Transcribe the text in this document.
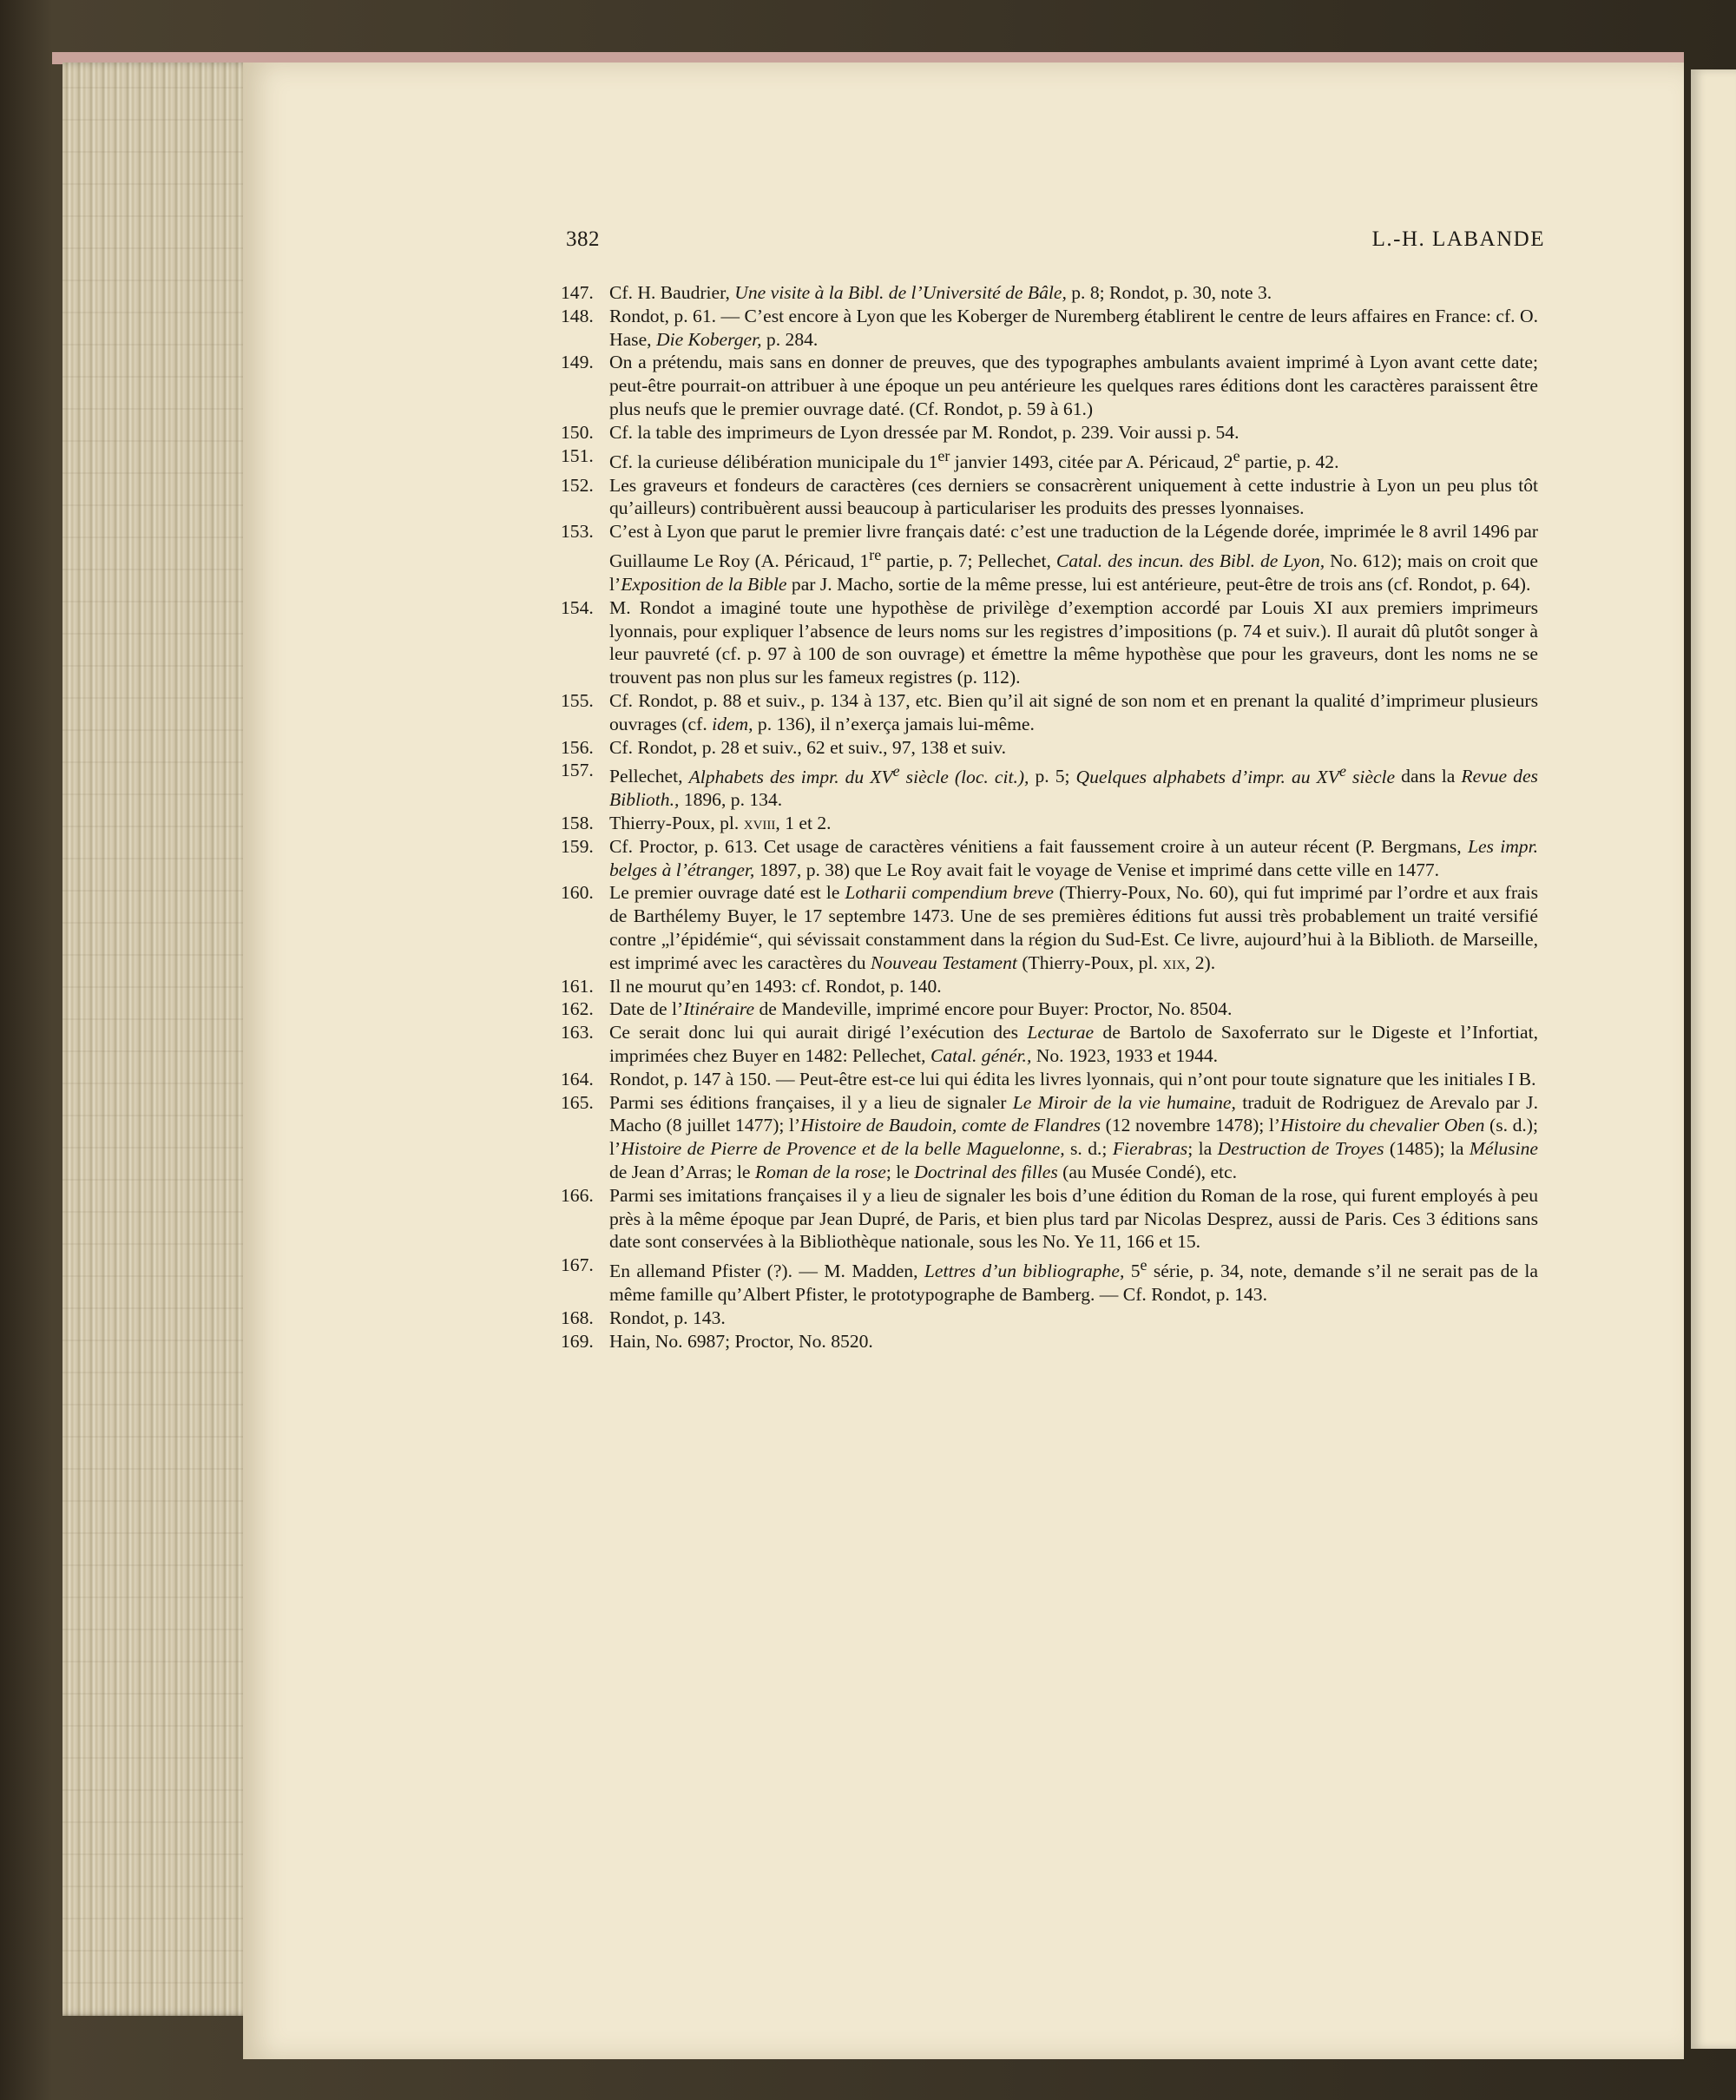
382	L.-H. LABANDE
147. Cf. H. Baudrier, Une visite à la Bibl. de l’Université de Bâle, p. 8; Rondot, p. 30, note 3.
148. Rondot, p. 61. — C’est encore à Lyon que les Koberger de Nuremberg établirent le centre de leurs affaires en France: cf. O. Hase, Die Koberger, p. 284.
149. On a prétendu, mais sans en donner de preuves, que des typographes ambulants avaient imprimé à Lyon avant cette date; peut-être pourrait-on attribuer à une époque un peu antérieure les quelques rares éditions dont les caractères paraissent être plus neufs que le premier ouvrage daté. (Cf. Rondot, p. 59 à 61.)
150. Cf. la table des imprimeurs de Lyon dressée par M. Rondot, p. 239. Voir aussi p. 54.
151. Cf. la curieuse délibération municipale du 1er janvier 1493, citée par A. Péricaud, 2e partie, p. 42.
152. Les graveurs et fondeurs de caractères (ces derniers se consacrèrent uniquement à cette industrie à Lyon un peu plus tôt qu’ailleurs) contribuèrent aussi beaucoup à particulariser les produits des presses lyonnaises.
153. C’est à Lyon que parut le premier livre français daté: c’est une traduction de la Légende dorée, imprimée le 8 avril 1496 par Guillaume Le Roy (A. Péricaud, 1re partie, p. 7; Pellechet, Catal. des incun. des Bibl. de Lyon, No. 612); mais on croit que l’Exposition de la Bible par J. Macho, sortie de la même presse, lui est antérieure, peut-être de trois ans (cf. Rondot, p. 64).
154. M. Rondot a imaginé toute une hypothèse de privilège d’exemption accordé par Louis XI aux premiers imprimeurs lyonnais, pour expliquer l’absence de leurs noms sur les registres d’impositions (p. 74 et suiv.). Il aurait dû plutôt songer à leur pauvreté (cf. p. 97 à 100 de son ouvrage) et émettre la même hypothèse que pour les graveurs, dont les noms ne se trouvent pas non plus sur les fameux registres (p. 112).
155. Cf. Rondot, p. 88 et suiv., p. 134 à 137, etc. Bien qu’il ait signé de son nom et en prenant la qualité d’imprimeur plusieurs ouvrages (cf. idem, p. 136), il n’exerça jamais lui-même.
156. Cf. Rondot, p. 28 et suiv., 62 et suiv., 97, 138 et suiv.
157. Pellechet, Alphabets des impr. du XVe siècle (loc. cit.), p. 5; Quelques alphabets d’impr. au XVe siècle dans la Revue des Biblioth., 1896, p. 134.
158. Thierry-Poux, pl. xviii, 1 et 2.
159. Cf. Proctor, p. 613. Cet usage de caractères vénitiens a fait faussement croire à un auteur récent (P. Bergmans, Les impr. belges à l’étranger, 1897, p. 38) que Le Roy avait fait le voyage de Venise et imprimé dans cette ville en 1477.
160. Le premier ouvrage daté est le Lotharii compendium breve (Thierry-Poux, No. 60), qui fut imprimé par l’ordre et aux frais de Barthélemy Buyer, le 17 septembre 1473. Une de ses premières éditions fut aussi très probablement un traité versifié contre „l’épidémie“, qui sévissait constamment dans la région du Sud-Est. Ce livre, aujourd’hui à la Biblioth. de Marseille, est imprimé avec les caractères du Nouveau Testament (Thierry-Poux, pl. xix, 2).
161. Il ne mourut qu’en 1493: cf. Rondot, p. 140.
162. Date de l’Itinéraire de Mandeville, imprimé encore pour Buyer: Proctor, No. 8504.
163. Ce serait donc lui qui aurait dirigé l’exécution des Lecturae de Bartolo de Saxoferrato sur le Digeste et l’Infortiat, imprimées chez Buyer en 1482: Pellechet, Catal. génér., No. 1923, 1933 et 1944.
164. Rondot, p. 147 à 150. — Peut-être est-ce lui qui édita les livres lyonnais, qui n’ont pour toute signature que les initiales I B.
165. Parmi ses éditions françaises, il y a lieu de signaler Le Miroir de la vie humaine, traduit de Rodriguez de Arevalo par J. Macho (8 juillet 1477); l’Histoire de Baudoin, comte de Flandres (12 novembre 1478); l’Histoire du chevalier Oben (s. d.); l’Histoire de Pierre de Provence et de la belle Maguelonne, s. d.; Fierabras; la Destruction de Troyes (1485); la Mélusine de Jean d’Arras; le Roman de la rose; le Doctrinal des filles (au Musée Condé), etc.
166. Parmi ses imitations françaises il y a lieu de signaler les bois d’une édition du Roman de la rose, qui furent employés à peu près à la même époque par Jean Dupré, de Paris, et bien plus tard par Nicolas Desprez, aussi de Paris. Ces 3 éditions sans date sont conservées à la Bibliothèque nationale, sous les No. Ye 11, 166 et 15.
167. En allemand Pfister (?). — M. Madden, Lettres d’un bibliographe, 5e série, p. 34, note, demande s’il ne serait pas de la même famille qu’Albert Pfister, le prototypographe de Bamberg. — Cf. Rondot, p. 143.
168. Rondot, p. 143.
169. Hain, No. 6987; Proctor, No. 8520.
